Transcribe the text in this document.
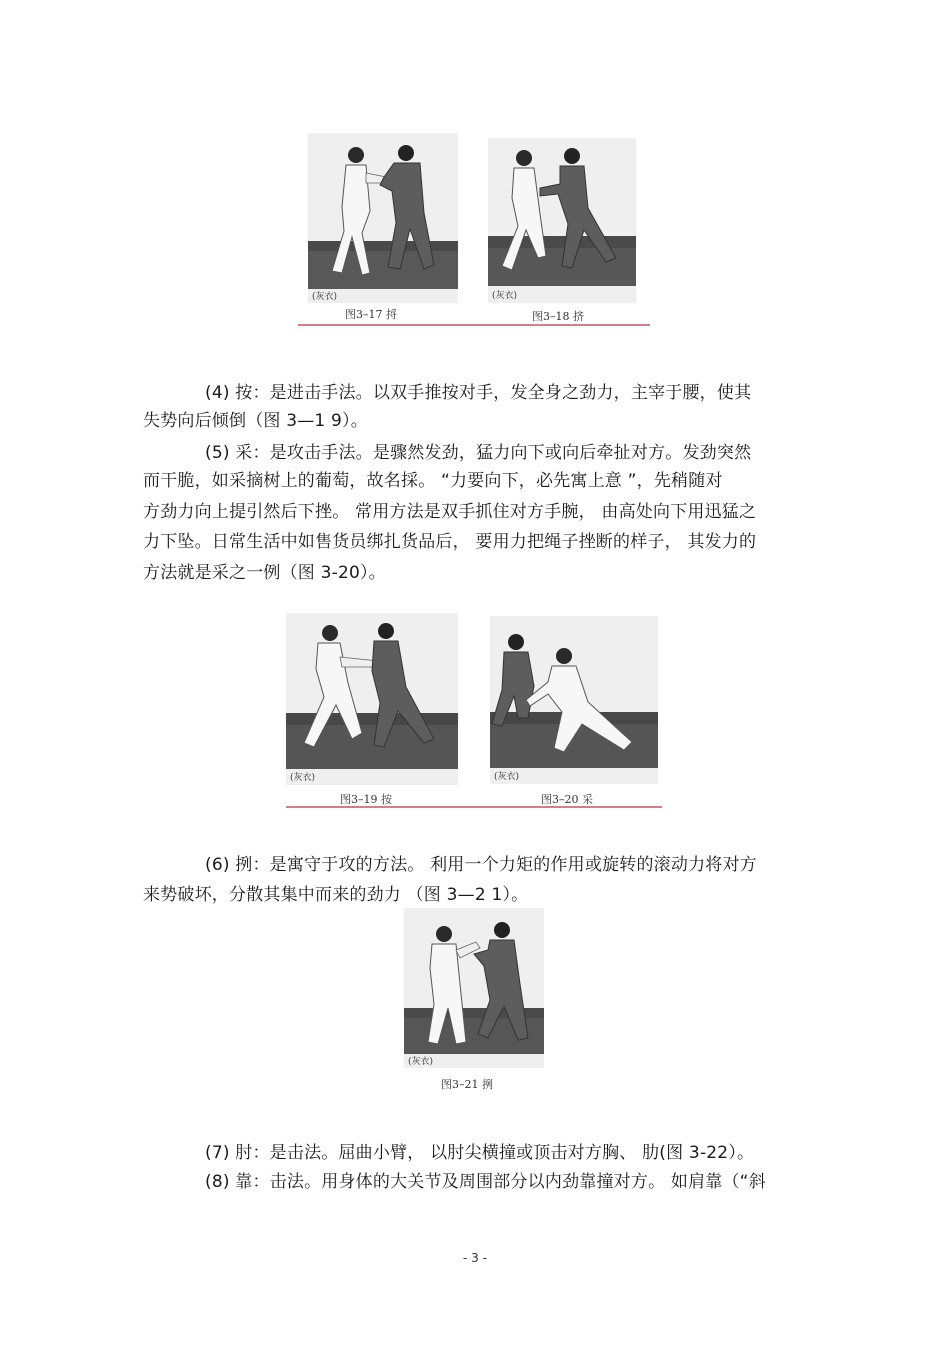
(灰衣)
图3–17 捋
(灰衣)
图3–18 挤
(4) 按：是进击手法。以双手推按对手，发全身之劲力，主宰于腰，使其
失势向后倾倒（图 3—1 9）。
(5) 采：是攻击手法。是骤然发劲，猛力向下或向后牵扯对方。发劲突然
而干脆，如采摘树上的葡萄，故名採。 “力要向下，必先寓上意 ”，先稍随对
方劲力向上提引然后下挫。 常用方法是双手抓住对方手腕， 由高处向下用迅猛之
力下坠。日常生活中如售货员绑扎货品后， 要用力把绳子挫断的样子， 其发力的
方法就是采之一例（图 3-20）。
(灰衣)
图3–19 按
(灰衣)
图3–20 采
(6) 挒：是寓守于攻的方法。 利用一个力矩的作用或旋转的滚动力将对方
来势破坏，分散其集中而来的劲力 （图 3—2 1）。
(灰衣)
图3–21 挒
(7) 肘：是击法。屈曲小臂， 以肘尖横撞或顶击对方胸、 肋(图 3-22）。
(8) 靠：击法。用身体的大关节及周围部分以内劲靠撞对方。 如肩靠（“斜
- 3 -
